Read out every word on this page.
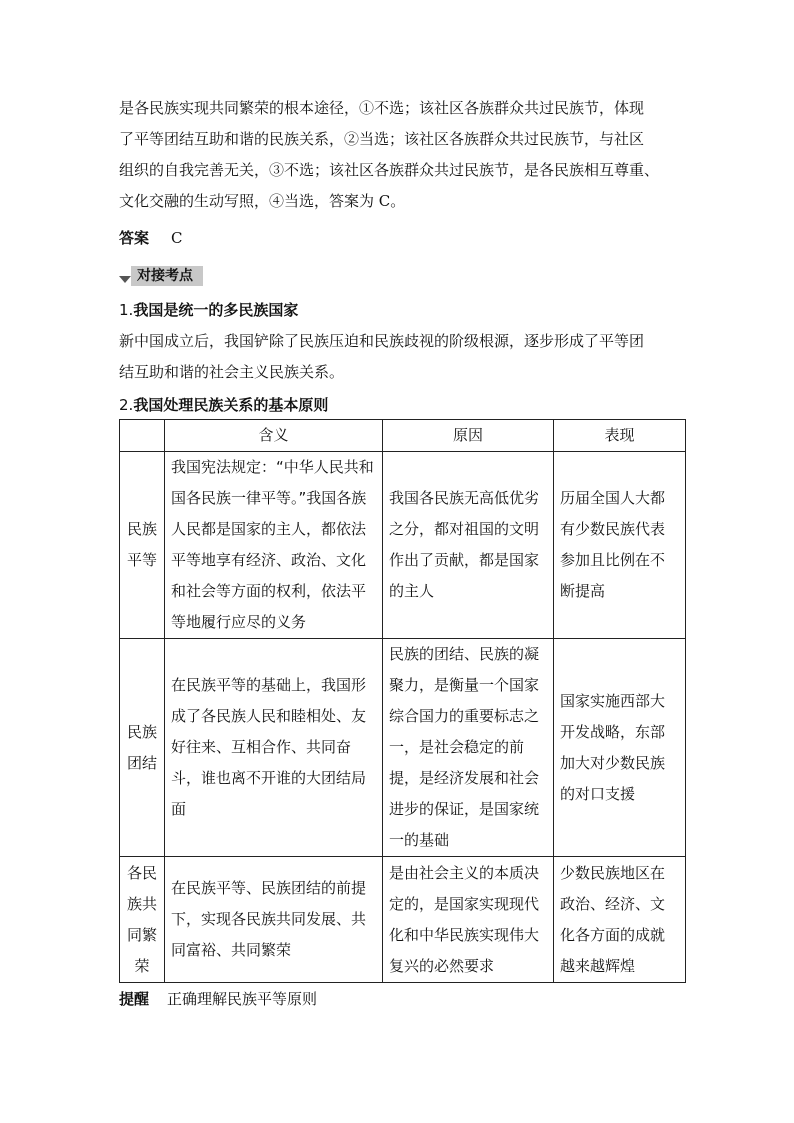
是各民族实现共同繁荣的根本途径，①不选；该社区各族群众共过民族节，体现

了平等团结互助和谐的民族关系，②当选；该社区各族群众共过民族节，与社区

组织的自我完善无关，③不选；该社区各族群众共过民族节，是各民族相互尊重、

文化交融的生动写照，④当选，答案为 C。

答案 C
对接考点
1.我国是统一的多民族国家

新中国成立后，我国铲除了民族压迫和民族歧视的阶级根源，逐步形成了平等团

结互助和谐的社会主义民族关系。

2.我国处理民族关系的基本原则
	含义	原因	表现
民族平等	我国宪法规定：“中华人民共和国各民族一律平等。”我国各族人民都是国家的主人，都依法平等地享有经济、政治、文化和社会等方面的权利，依法平等地履行应尽的义务	我国各民族无高低优劣之分，都对祖国的文明作出了贡献，都是国家的主人	历届全国人大都有少数民族代表参加且比例在不断提高
民族团结	在民族平等的基础上，我国形成了各民族人民和睦相处、友好往来、互相合作、共同奋斗，谁也离不开谁的大团结局面	民族的团结、民族的凝聚力，是衡量一个国家综合国力的重要标志之一，是社会稳定的前提，是经济发展和社会进步的保证，是国家统一的基础	国家实施西部大开发战略，东部加大对少数民族的对口支援
各民族共同繁荣	在民族平等、民族团结的前提下，实现各民族共同发展、共同富裕、共同繁荣	是由社会主义的本质决定的，是国家实现现代化和中华民族实现伟大复兴的必然要求	少数民族地区在政治、经济、文化各方面的成就越来越辉煌
提醒 正确理解民族平等原则
